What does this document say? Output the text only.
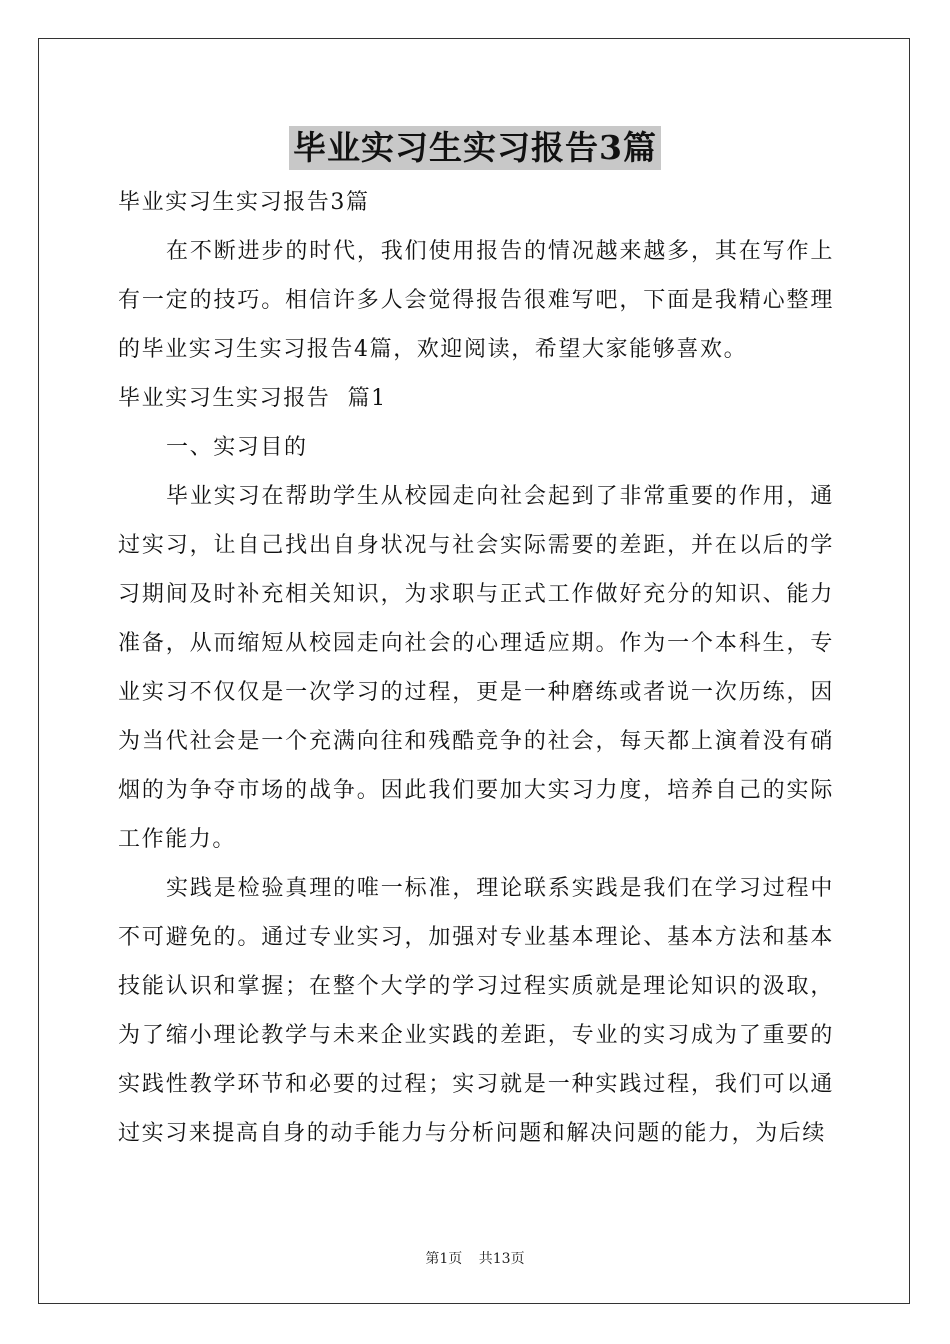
毕业实习生实习报告3篇

毕业实习生实习报告3篇

在不断进步的时代，我们使用报告的情况越来越多，其在写作上有一定的技巧。相信许多人会觉得报告很难写吧，下面是我精心整理的毕业实习生实习报告4篇，欢迎阅读，希望大家能够喜欢。

毕业实习生实习报告  篇1

一、实习目的

毕业实习在帮助学生从校园走向社会起到了非常重要的作用，通过实习，让自己找出自身状况与社会实际需要的差距，并在以后的学习期间及时补充相关知识，为求职与正式工作做好充分的知识、能力准备，从而缩短从校园走向社会的心理适应期。作为一个本科生，专业实习不仅仅是一次学习的过程，更是一种磨练或者说一次历练，因为当代社会是一个充满向往和残酷竞争的社会，每天都上演着没有硝烟的为争夺市场的战争。因此我们要加大实习力度，培养自己的实际工作能力。

实践是检验真理的唯一标准，理论联系实践是我们在学习过程中不可避免的。通过专业实习，加强对专业基本理论、基本方法和基本技能认识和掌握；在整个大学的学习过程实质就是理论知识的汲取，为了缩小理论教学与未来企业实践的差距，专业的实习成为了重要的实践性教学环节和必要的过程；实习就是一种实践过程，我们可以通过实习来提高自身的动手能力与分析问题和解决问题的能力，为后续

第1页 共13页
